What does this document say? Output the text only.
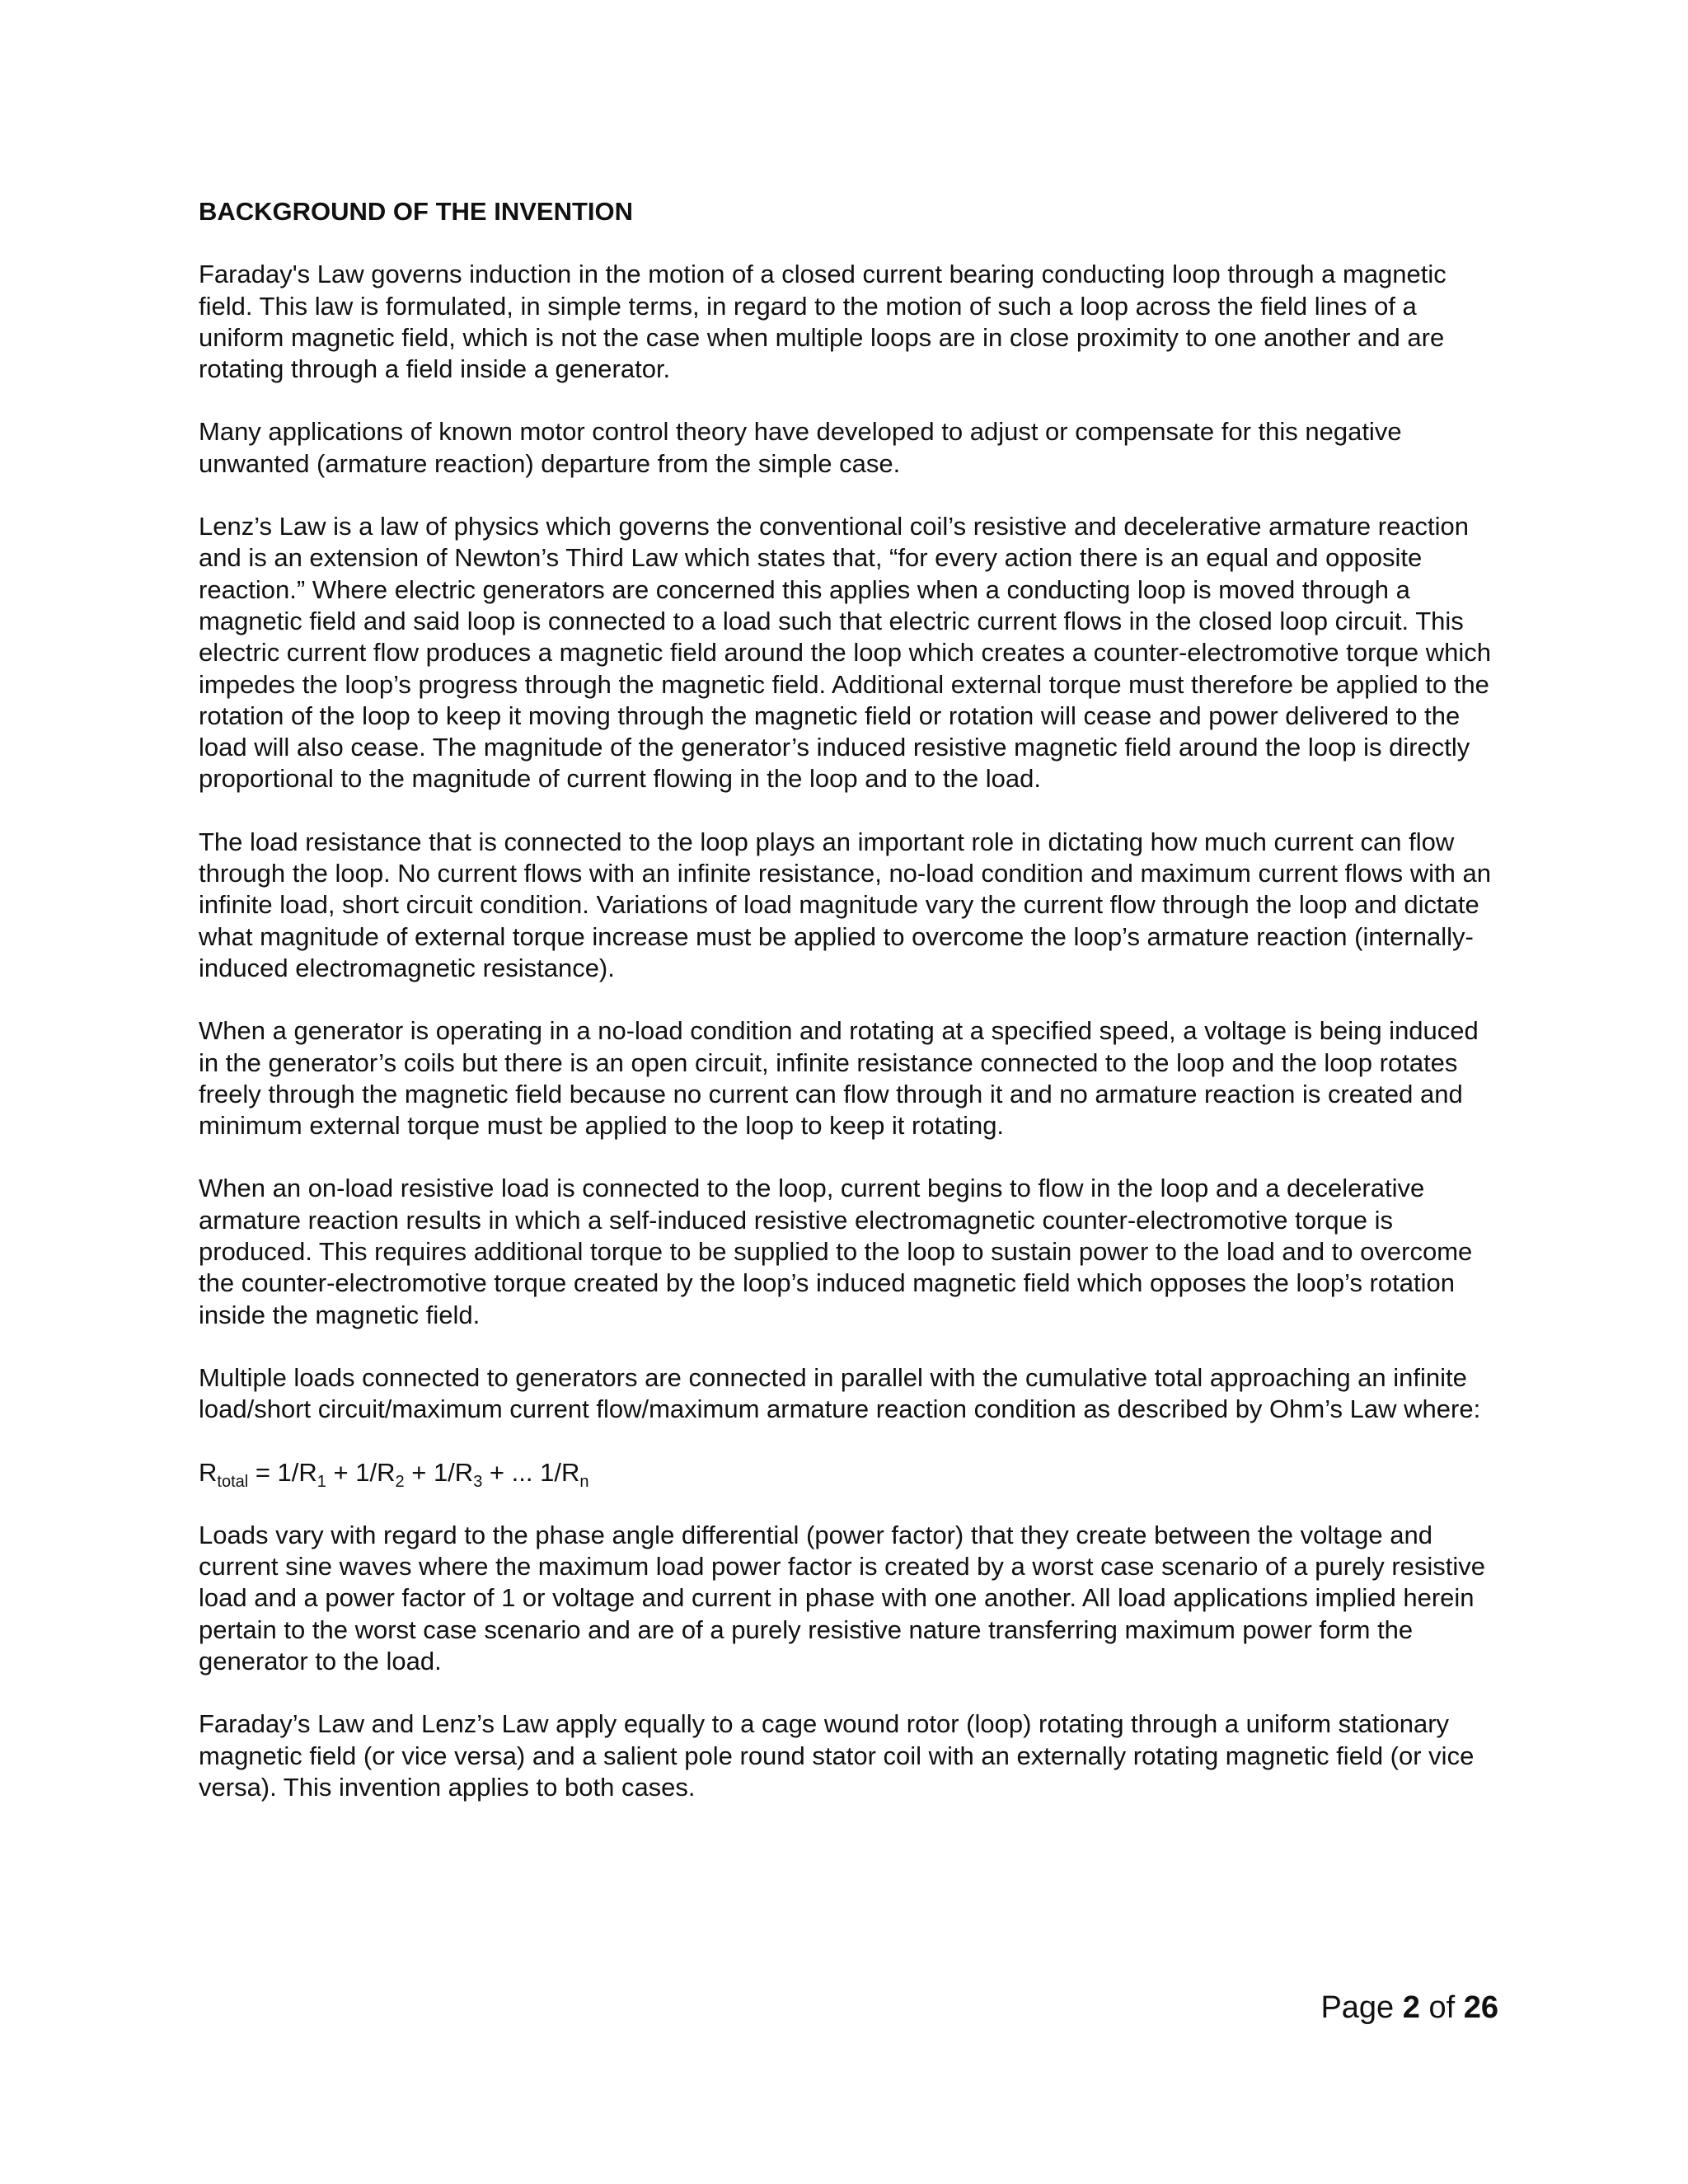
BACKGROUND OF THE INVENTION

Faraday's Law governs induction in the motion of a closed current bearing conducting loop through a magnetic field. This law is formulated, in simple terms, in regard to the motion of such a loop across the field lines of a uniform magnetic field, which is not the case when multiple loops are in close proximity to one another and are rotating through a field inside a generator.

Many applications of known motor control theory have developed to adjust or compensate for this negative unwanted (armature reaction) departure from the simple case.

Lenz’s Law is a law of physics which governs the conventional coil’s resistive and decelerative armature reaction and is an extension of Newton’s Third Law which states that, “for every action there is an equal and opposite reaction.” Where electric generators are concerned this applies when a conducting loop is moved through a magnetic field and said loop is connected to a load such that electric current flows in the closed loop circuit. This electric current flow produces a magnetic field around the loop which creates a counter-electromotive torque which impedes the loop’s progress through the magnetic field. Additional external torque must therefore be applied to the rotation of the loop to keep it moving through the magnetic field or rotation will cease and power delivered to the load will also cease. The magnitude of the generator’s induced resistive magnetic field around the loop is directly proportional to the magnitude of current flowing in the loop and to the load.

The load resistance that is connected to the loop plays an important role in dictating how much current can flow through the loop. No current flows with an infinite resistance, no-load condition and maximum current flows with an infinite load, short circuit condition. Variations of load magnitude vary the current flow through the loop and dictate what magnitude of external torque increase must be applied to overcome the loop’s armature reaction (internally-induced electromagnetic resistance).

When a generator is operating in a no-load condition and rotating at a specified speed, a voltage is being induced in the generator’s coils but there is an open circuit, infinite resistance connected to the loop and the loop rotates freely through the magnetic field because no current can flow through it and no armature reaction is created and minimum external torque must be applied to the loop to keep it rotating.

When an on-load resistive load is connected to the loop, current begins to flow in the loop and a decelerative armature reaction results in which a self-induced resistive electromagnetic counter-electromotive torque is produced. This requires additional torque to be supplied to the loop to sustain power to the load and to overcome the counter-electromotive torque created by the loop’s induced magnetic field which opposes the loop’s rotation inside the magnetic field.

Multiple loads connected to generators are connected in parallel with the cumulative total approaching an infinite load/short circuit/maximum current flow/maximum armature reaction condition as described by Ohm’s Law where:

$R_{total} = 1/R_1 + 1/R_2 + 1/R_3$ + ... $1/R_n$

Loads vary with regard to the phase angle differential (power factor) that they create between the voltage and current sine waves where the maximum load power factor is created by a worst case scenario of a purely resistive load and a power factor of 1 or voltage and current in phase with one another. All load applications implied herein pertain to the worst case scenario and are of a purely resistive nature transferring maximum power form the generator to the load.

Faraday’s Law and Lenz’s Law apply equally to a cage wound rotor (loop) rotating through a uniform stationary magnetic field (or vice versa) and a salient pole round stator coil with an externally rotating magnetic field (or vice versa). This invention applies to both cases.

Page 2 of 26
